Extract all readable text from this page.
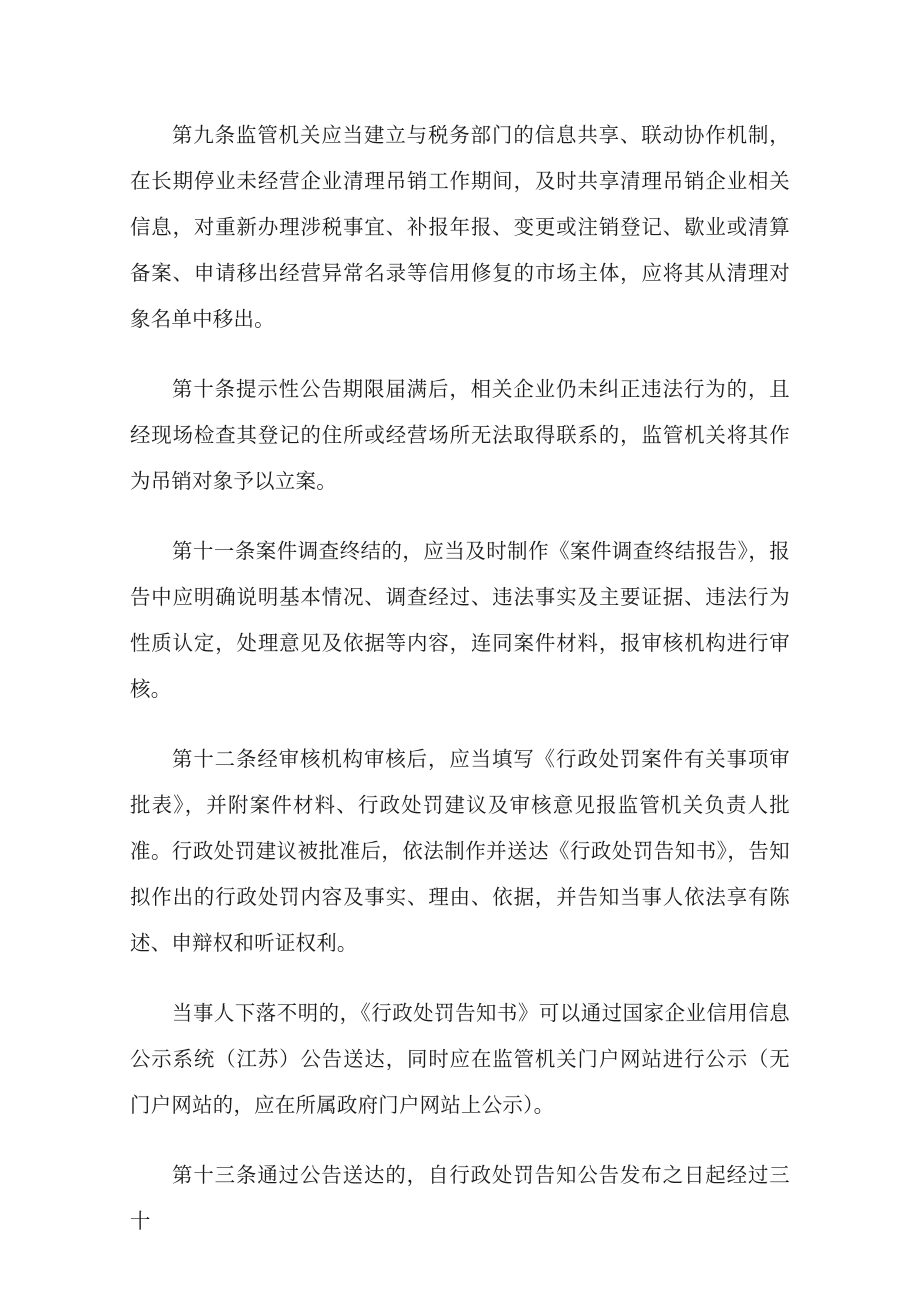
第九条监管机关应当建立与税务部门的信息共享、联动协作机制，在长期停业未经营企业清理吊销工作期间，及时共享清理吊销企业相关信息，对重新办理涉税事宜、补报年报、变更或注销登记、歇业或清算备案、申请移出经营异常名录等信用修复的市场主体，应将其从清理对象名单中移出。

第十条提示性公告期限届满后，相关企业仍未纠正违法行为的，且经现场检查其登记的住所或经营场所无法取得联系的，监管机关将其作为吊销对象予以立案。

第十一条案件调查终结的，应当及时制作《案件调查终结报告》，报告中应明确说明基本情况、调查经过、违法事实及主要证据、违法行为性质认定，处理意见及依据等内容，连同案件材料，报审核机构进行审核。

第十二条经审核机构审核后，应当填写《行政处罚案件有关事项审批表》，并附案件材料、行政处罚建议及审核意见报监管机关负责人批准。行政处罚建议被批准后，依法制作并送达《行政处罚告知书》，告知拟作出的行政处罚内容及事实、理由、依据，并告知当事人依法享有陈述、申辩权和听证权利。

当事人下落不明的，《行政处罚告知书》可以通过国家企业信用信息公示系统（江苏）公告送达，同时应在监管机关门户网站进行公示（无门户网站的，应在所属政府门户网站上公示）。

第十三条通过公告送达的，自行政处罚告知公告发布之日起经过三十
